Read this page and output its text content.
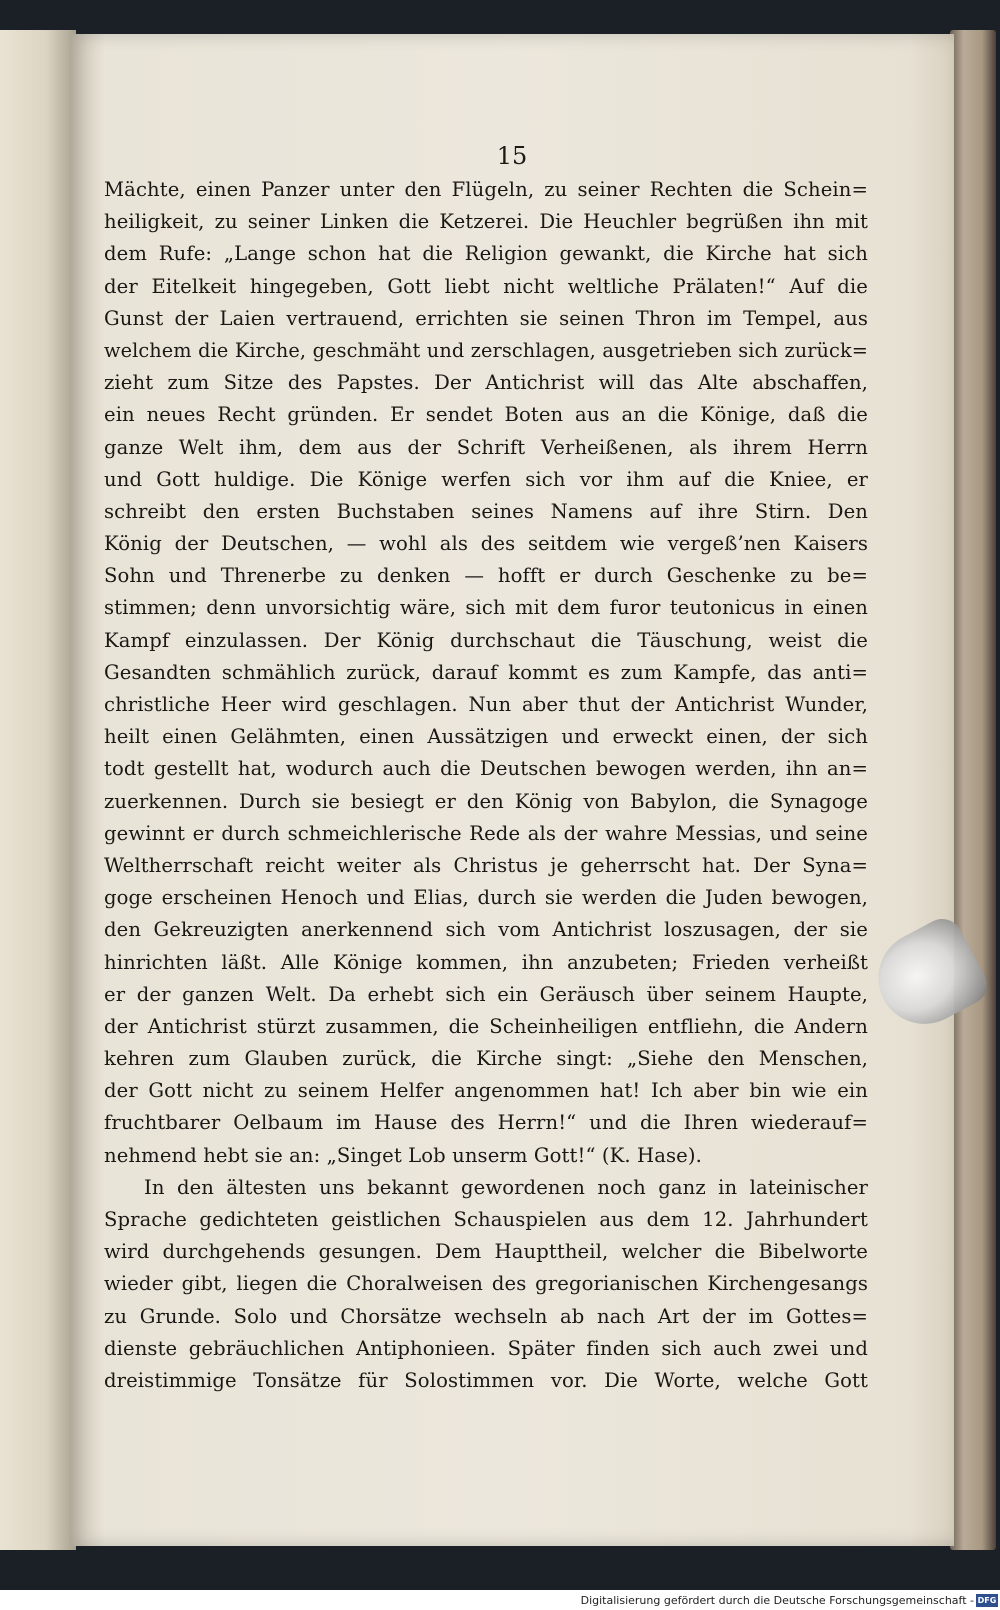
15
Mächte, einen Panzer unter den Flügeln, zu seiner Rechten die Schein=
heiligkeit, zu seiner Linken die Ketzerei. Die Heuchler begrüßen ihn mit
dem Rufe: „Lange schon hat die Religion gewankt, die Kirche hat sich
der Eitelkeit hingegeben, Gott liebt nicht weltliche Prälaten!“ Auf die
Gunst der Laien vertrauend, errichten sie seinen Thron im Tempel, aus
welchem die Kirche, geschmäht und zerschlagen, ausgetrieben sich zurück=
zieht zum Sitze des Papstes. Der Antichrist will das Alte abschaffen,
ein neues Recht gründen. Er sendet Boten aus an die Könige, daß die
ganze Welt ihm, dem aus der Schrift Verheißenen, als ihrem Herrn
und Gott huldige. Die Könige werfen sich vor ihm auf die Kniee, er
schreibt den ersten Buchstaben seines Namens auf ihre Stirn. Den
König der Deutschen, — wohl als des seitdem wie vergeß’nen Kaisers
Sohn und Threnerbe zu denken — hofft er durch Geschenke zu be=
stimmen; denn unvorsichtig wäre, sich mit dem furor teutonicus in einen
Kampf einzulassen. Der König durchschaut die Täuschung, weist die
Gesandten schmählich zurück, darauf kommt es zum Kampfe, das anti=
christliche Heer wird geschlagen. Nun aber thut der Antichrist Wunder,
heilt einen Gelähmten, einen Aussätzigen und erweckt einen, der sich
todt gestellt hat, wodurch auch die Deutschen bewogen werden, ihn an=
zuerkennen. Durch sie besiegt er den König von Babylon, die Synagoge
gewinnt er durch schmeichlerische Rede als der wahre Messias, und seine
Weltherrschaft reicht weiter als Christus je geherrscht hat. Der Syna=
goge erscheinen Henoch und Elias, durch sie werden die Juden bewogen,
den Gekreuzigten anerkennend sich vom Antichrist loszusagen, der sie
hinrichten läßt. Alle Könige kommen, ihn anzubeten; Frieden verheißt
er der ganzen Welt. Da erhebt sich ein Geräusch über seinem Haupte,
der Antichrist stürzt zusammen, die Scheinheiligen entfliehn, die Andern
kehren zum Glauben zurück, die Kirche singt: „Siehe den Menschen,
der Gott nicht zu seinem Helfer angenommen hat! Ich aber bin wie ein
fruchtbarer Oelbaum im Hause des Herrn!“ und die Ihren wiederauf=
nehmend hebt sie an: „Singet Lob unserm Gott!“ (K. Hase).
In den ältesten uns bekannt gewordenen noch ganz in lateinischer
Sprache gedichteten geistlichen Schauspielen aus dem 12. Jahrhundert
wird durchgehends gesungen. Dem Haupttheil, welcher die Bibelworte
wieder gibt, liegen die Choralweisen des gregorianischen Kirchengesangs
zu Grunde. Solo und Chorsätze wechseln ab nach Art der im Gottes=
dienste gebräuchlichen Antiphonieen. Später finden sich auch zwei und
dreistimmige Tonsätze für Solostimmen vor. Die Worte, welche Gott
Digitalisierung gefördert durch die Deutsche Forschungsgemeinschaft - DFG
